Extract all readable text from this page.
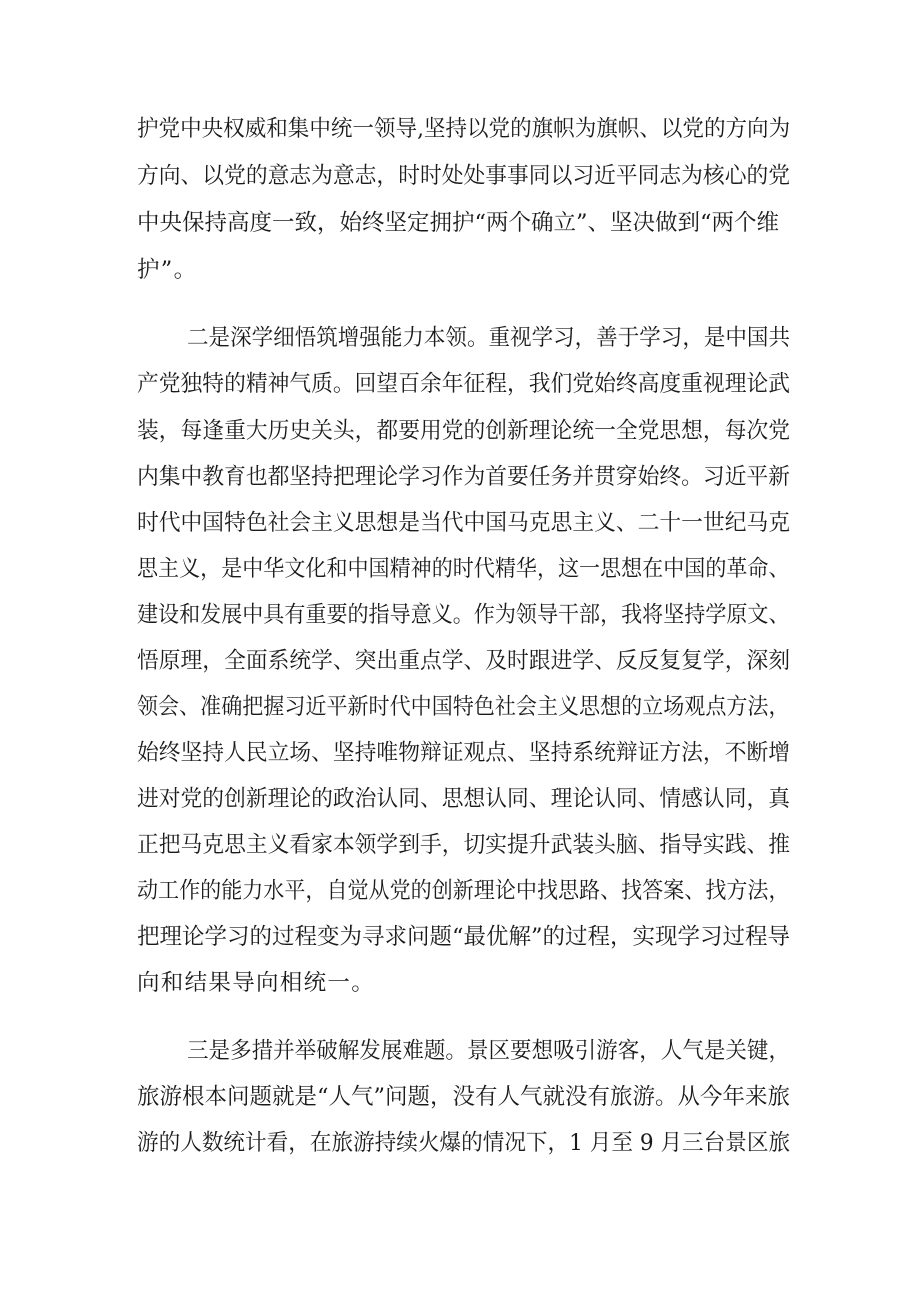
护党中央权威和集中统一领导,坚持以党的旗帜为旗帜、以党的方向为
方向、以党的意志为意志，时时处处事事同以习近平同志为核心的党
中央保持高度一致，始终坚定拥护“两个确立”、坚决做到“两个维
护”。
二是深学细悟筑增强能力本领。重视学习，善于学习，是中国共
产党独特的精神气质。回望百余年征程，我们党始终高度重视理论武
装，每逢重大历史关头，都要用党的创新理论统一全党思想，每次党
内集中教育也都坚持把理论学习作为首要任务并贯穿始终。习近平新
时代中国特色社会主义思想是当代中国马克思主义、二十一世纪马克
思主义，是中华文化和中国精神的时代精华，这一思想在中国的革命、
建设和发展中具有重要的指导意义。作为领导干部，我将坚持学原文、
悟原理，全面系统学、突出重点学、及时跟进学、反反复复学，深刻
领会、准确把握习近平新时代中国特色社会主义思想的立场观点方法，
始终坚持人民立场、坚持唯物辩证观点、坚持系统辩证方法，不断增
进对党的创新理论的政治认同、思想认同、理论认同、情感认同，真
正把马克思主义看家本领学到手，切实提升武装头脑、指导实践、推
动工作的能力水平，自觉从党的创新理论中找思路、找答案、找方法，
把理论学习的过程变为寻求问题“最优解”的过程，实现学习过程导
向和结果导向相统一。
三是多措并举破解发展难题。景区要想吸引游客，人气是关键，
旅游根本问题就是“人气”问题，没有人气就没有旅游。从今年来旅
游的人数统计看，在旅游持续火爆的情况下，1 月至 9 月三台景区旅
